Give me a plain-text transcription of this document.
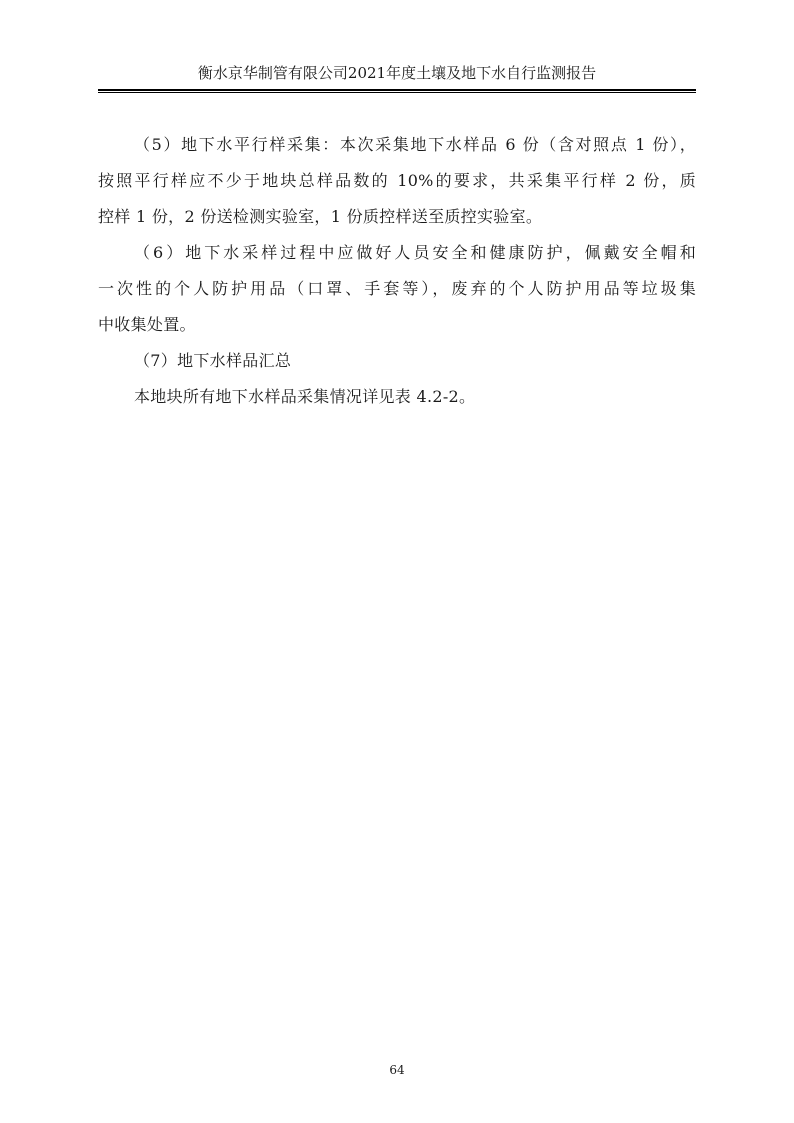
衡水京华制管有限公司2021年度土壤及地下水自行监测报告
（5）地下水平行样采集：本次采集地下水样品 6 份（含对照点 1 份），
按照平行样应不少于地块总样品数的 10%的要求，共采集平行样 2 份，质
控样 1 份，2 份送检测实验室，1 份质控样送至质控实验室。
（6）地下水采样过程中应做好人员安全和健康防护，佩戴安全帽和
一次性的个人防护用品（口罩、手套等），废弃的个人防护用品等垃圾集
中收集处置。
（7）地下水样品汇总
本地块所有地下水样品采集情况详见表 4.2-2。
64
